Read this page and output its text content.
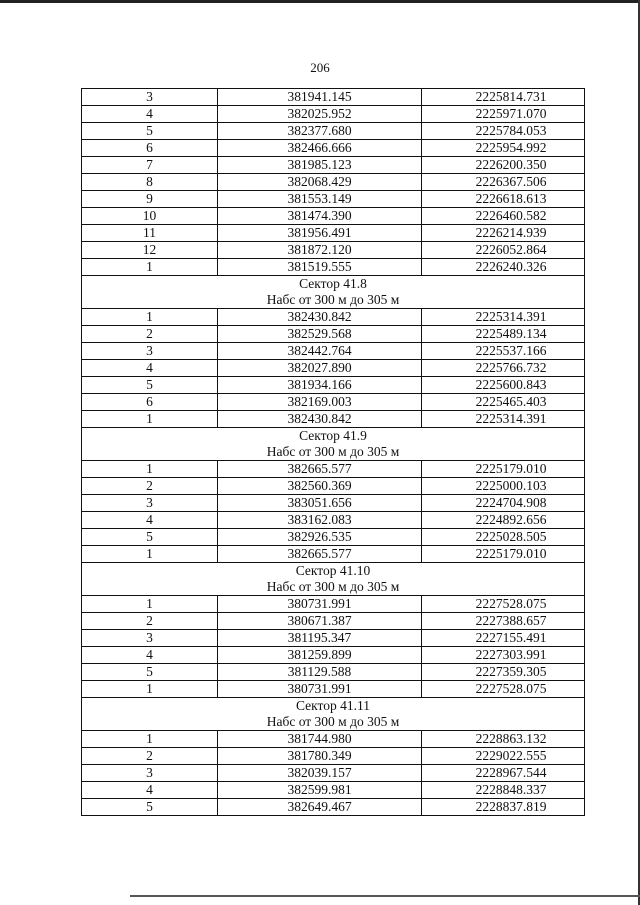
206
3	381941.145	2225814.731
4	382025.952	2225971.070
5	382377.680	2225784.053
6	382466.666	2225954.992
7	381985.123	2226200.350
8	382068.429	2226367.506
9	381553.149	2226618.613
10	381474.390	2226460.582
11	381956.491	2226214.939
12	381872.120	2226052.864
1	381519.555	2226240.326
Сектор 41.8		
Набс от 300 м до 305 м		
1	382430.842	2225314.391
2	382529.568	2225489.134
3	382442.764	2225537.166
4	382027.890	2225766.732
5	381934.166	2225600.843
6	382169.003	2225465.403
1	382430.842	2225314.391
Сектор 41.9		
Набс от 300 м до 305 м		
1	382665.577	2225179.010
2	382560.369	2225000.103
3	383051.656	2224704.908
4	383162.083	2224892.656
5	382926.535	2225028.505
1	382665.577	2225179.010
Сектор 41.10		
Набс от 300 м до 305 м		
1	380731.991	2227528.075
2	380671.387	2227388.657
3	381195.347	2227155.491
4	381259.899	2227303.991
5	381129.588	2227359.305
1	380731.991	2227528.075
Сектор 41.11		
Набс от 300 м до 305 м		
1	381744.980	2228863.132
2	381780.349	2229022.555
3	382039.157	2228967.544
4	382599.981	2228848.337
5	382649.467	2228837.819
